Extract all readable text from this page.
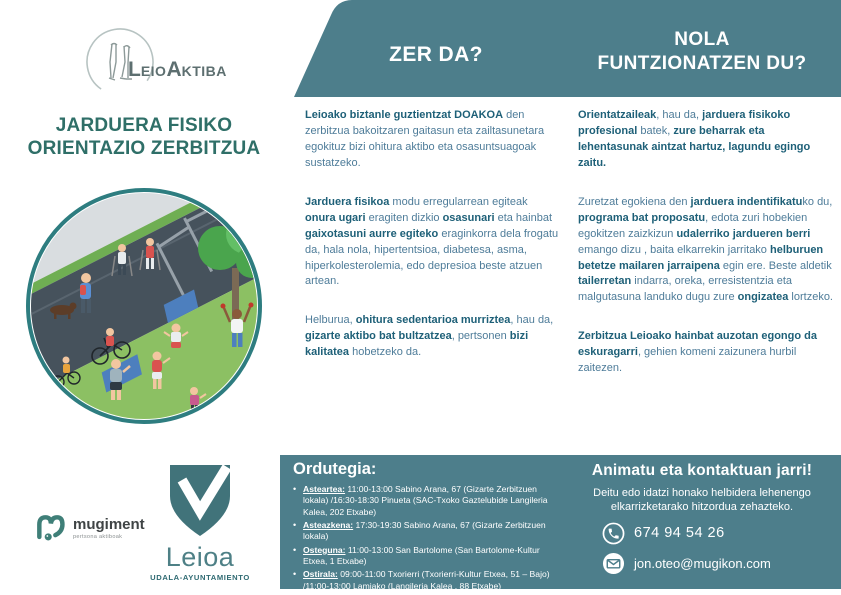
ZER DA?
NOLA
FUNTZIONATZEN DU?
LEIOAKTIBA
JARDUERA FISIKO
ORIENTAZIO ZERBITZUA

Leioako biztanle guztientzat DOAKOA den zerbitzua bakoitzaren gaitasun eta zailtasunetara egokituz bizi ohitura aktibo eta osasuntsuagoak sustatzeko.

Jarduera fisikoa modu erregularrean egiteak onura ugari eragiten dizkio osasunari eta hainbat gaixotasuni aurre egiteko eraginkorra dela frogatu da, hala nola, hipertentsioa, diabetesa, asma, hiperkolesterolemia, edo depresioa beste atzuen artean.

Helburua, ohitura sedentarioa murriztea, hau da, gizarte aktibo bat bultzatzea, pertsonen bizi kalitatea hobetzeko da.

Orientatzaileak, hau da, jarduera fisikoko profesional batek, zure beharrak eta lehentasunak aintzat hartuz, lagundu egingo zaitu.

Zuretzat egokiena den jarduera indentifikatuko du, programa bat proposatu, edota zuri hobekien egokitzen zaizkizun udalerriko jardueren berri emango dizu , baita elkarrekin jarritako helburuen betetze mailaren jarraipena egin ere. Beste aldetik tailerretan indarra, oreka, erresistentzia eta malgutasuna landuko dugu zure ongizatea lortzeko.

Zerbitzua Leioako hainbat auzotan egongo da eskuragarri, gehien komeni zaizunera hurbil zaitezen.

Ordutegia:
• Asteartea: 11:00-13:00 Sabino Arana, 67 (Gizarte Zerbitzuen lokala) /16:30-18:30 Pinueta (SAC-Txoko Gaztelubide Langileria Kalea, 202 Etxabe)
• Asteazkena: 17:30-19:30 Sabino Arana, 67 (Gizarte Zerbitzuen lokala)
• Osteguna: 11:00-13:00 San Bartolome (San Bartolome-Kultur Etxea, 1 Etxabe)
• Ostirala: 09:00-11:00 Txorierri (Txorierri-Kultur Etxea, 51 – Bajo) /11:00-13:00 Lamiako (Langileria Kalea , 88 Etxabe)
Animatu eta kontaktuan jarri!
Deitu edo idatzi honako helbidera lehenengo elkarrizketarako hitzordua zehazteko.
674 94 54 26
jon.oteo@mugikon.com
mugiment
pertsona aktiboak
Leioa
UDALA-AYUNTAMIENTO
